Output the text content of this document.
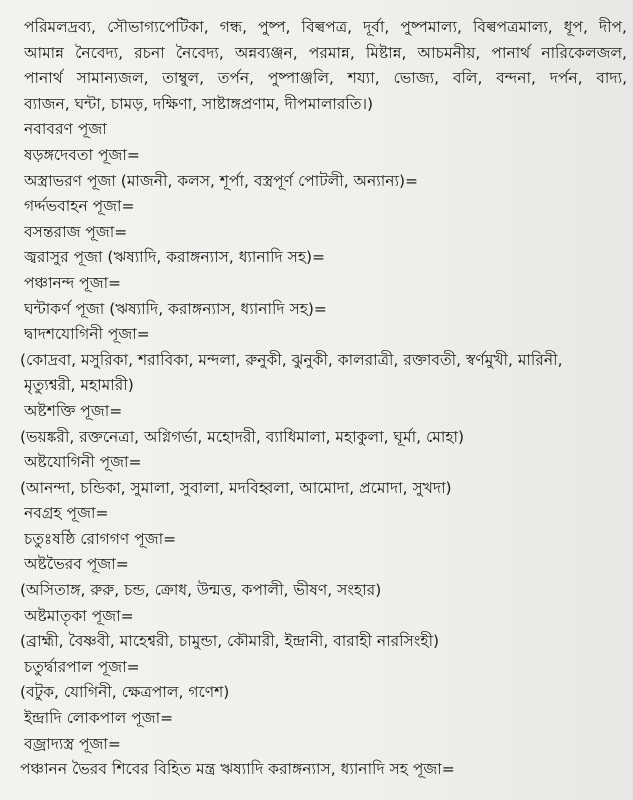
পরিমলদ্রব্য, সৌভাগ্যপেটিকা, গন্ধ, পুষ্প, বিল্বপত্র, দূর্বা, পুষ্পমাল্য, বিল্বপত্রমাল্য, ধূপ, দীপ,
আমান্ন নৈবেদ্য, রচনা নৈবেদ্য, অন্নব্যঞ্জন, পরমান্ন, মিষ্টান্ন, আচমনীয়, পানার্থ নারিকেলজল,
পানার্থ সামান্যজল, তাম্বুল, তর্পন, পুষ্পাঞ্জলি, শয্যা, ভোজ্য, বলি, বন্দনা, দর্পন, বাদ্য,
ব্যাজন, ঘন্টা, চামড়, দক্ষিণা, সাষ্টাঙ্গপ্রণাম, দীপমালারতি।)
নবাবরণ পূজা
ষড়ঙ্গদেবতা পূজা=
অস্ত্রাভরণ পূজা (মাজনী, কলস, শূর্পা, বস্ত্রপূর্ণ পোটলী, অন্যান্য)=
গর্দ্দভবাহন পূজা=
বসন্তরাজ পূজা=
জ্বরাসুর পূজা (ঋষ্যাদি, করাঙ্গন্যাস, ধ্যানাদি সহ)=
পঞ্চানন্দ পূজা=
ঘন্টাকর্ণ পূজা (ঋষ্যাদি, করাঙ্গন্যাস, ধ্যানাদি সহ)=
দ্বাদশযোগিনী পূজা=
(কোদ্রবা, মসুরিকা, শরাবিকা, মন্দলা, রুনুকী, ঝুনুকী, কালরাত্রী, রক্তাবতী, স্বর্ণমুখী, মারিনী,
মৃত্যুশ্বরী, মহামারী)
অষ্টশক্তি পূজা=
(ভয়ঙ্করী, রক্তনেত্রা, অগ্নিগর্ভা, মহোদরী, ব্যাধিমালা, মহাকুলা, ঘূর্মা, মোহা)
অষ্টযোগিনী পূজা=
(আনন্দা, চন্ডিকা, সুমালা, সুবালা, মদবিহ্বলা, আমোদা, প্রমোদা, সুখদা)
নবগ্রহ পূজা=
চতুঃষষ্ঠি রোগগণ পূজা=
অষ্টভৈরব পূজা=
(অসিতাঙ্গ, রুরু, চন্ড, ক্রোধ, উন্মত্ত, কপালী, ভীষণ, সংহার)
অষ্টমাতৃকা পূজা=
(ব্রাহ্মী, বৈষ্ণবী, মাহেশ্বরী, চামুন্ডা, কৌমারী, ইন্দ্রানী, বারাহী নারসিংহী)
চতুর্দ্বারপাল পূজা=
(বটুক, যোগিনী, ক্ষেত্রপাল, গণেশ)
ইন্দ্রাদি লোকপাল পূজা=
বজ্রাদ্যস্ত্র পূজা=
পঞ্চানন ভৈরব শিবের বিহিত মন্ত্র ঋষ্যাদি করাঙ্গন্যাস, ধ্যানাদি সহ পূজা=
